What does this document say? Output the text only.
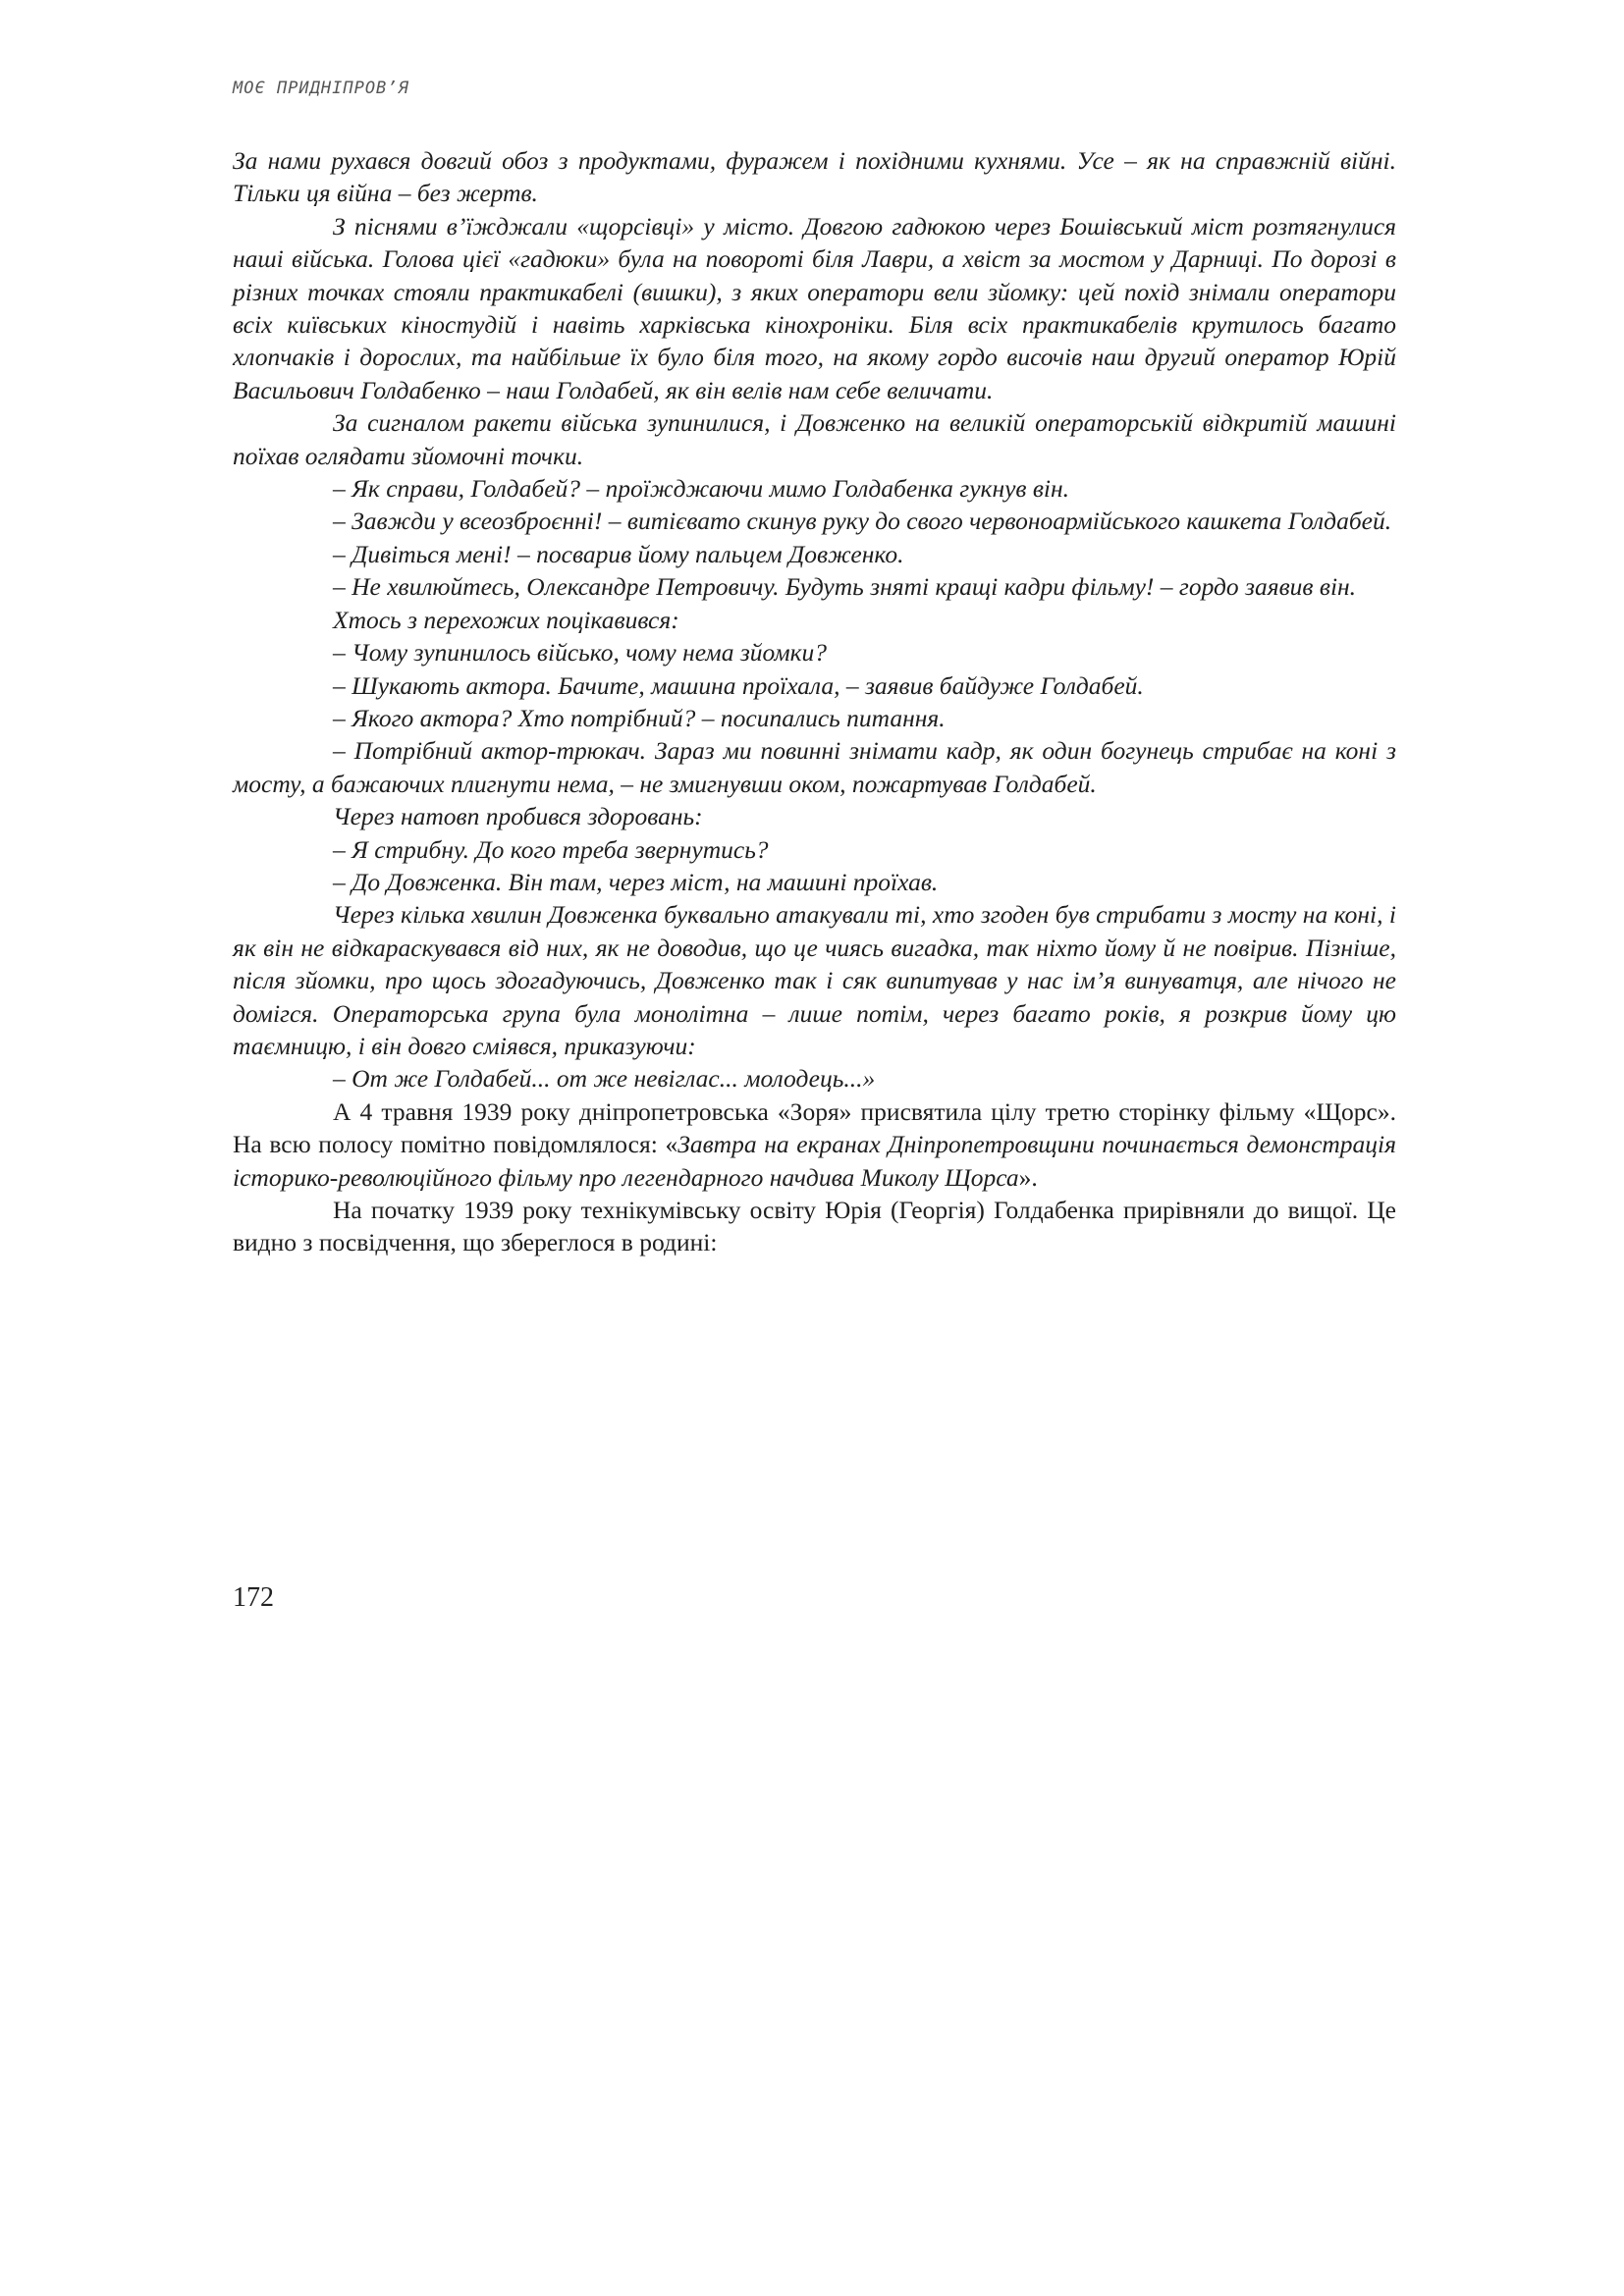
МОЄ ПРИДНІПРОВ’Я

За нами рухався довгий обоз з продуктами, фуражем і похідними кухнями. Усе – як на справжній війні. Тільки ця війна – без жертв.

З піснями в’їжджали «щорсівці» у місто. Довгою гадюкою через Бошівський міст розтягнулися наші війська. Голова цієї «гадюки» була на повороті біля Лаври, а хвіст за мостом у Дарниці. По дорозі в різних точках стояли практикабелі (вишки), з яких оператори вели зйомку: цей похід знімали оператори всіх київських кіностудій і навіть харківська кінохроніки. Біля всіх практикабелів крутилось багато хлопчаків і дорослих, та найбільше їх було біля того, на якому гордо височів наш другий оператор Юрій Васильович Голдабенко – наш Голдабей, як він велів нам себе величати.

За сигналом ракети війська зупинилися, і Довженко на великій операторській відкритій машині поїхав оглядати зйомочні точки.

– Як справи, Голдабей? – проїжджаючи мимо Голдабенка гукнув він.

– Завжди у всеозброєнні! – витієвато скинув руку до свого червоноармійського кашкета Голдабей.

– Дивіться мені! – посварив йому пальцем Довженко.

– Не хвилюйтесь, Олександре Петровичу. Будуть зняті кращі кадри фільму! – гордо заявив він.

Хтось з перехожих поцікавився:

– Чому зупинилось військо, чому нема зйомки?

– Шукають актора. Бачите, машина проїхала, – заявив байдуже Голдабей.

– Якого актора? Хто потрібний? – посипались питання.

– Потрібний актор-трюкач. Зараз ми повинні знімати кадр, як один богунець стрибає на коні з мосту, а бажаючих плигнути нема, – не змигнувши оком, пожартував Голдабей.

Через натовп пробився здоровань:

– Я стрибну. До кого треба звернутись?

– До Довженка. Він там, через міст, на машині проїхав.

Через кілька хвилин Довженка буквально атакували ті, хто згоден був стрибати з мосту на коні, і як він не відкараскувався від них, як не доводив, що це чиясь вигадка, так ніхто йому й не повірив. Пізніше, після зйомки, про щось здогадуючись, Довженко так і сяк випитував у нас ім’я винуватця, але нічого не домігся. Операторська група була монолітна – лише потім, через багато років, я розкрив йому цю таємницю, і він довго сміявся, приказуючи:

– От же Голдабей... от же невіглас... молодець...»

А 4 травня 1939 року дніпропетровська «Зоря» присвятила цілу третю сторінку фільму «Щорс». На всю полосу помітно повідомлялося: «Завтра на екранах Дніпропетровщини починається демонстрація історико-революційного фільму про легендарного начдива Миколу Щорса».

На початку 1939 року технікумівську освіту Юрія (Георгія) Голдабенка прирівняли до вищої. Це видно з посвідчення, що збереглося в родині:

172
